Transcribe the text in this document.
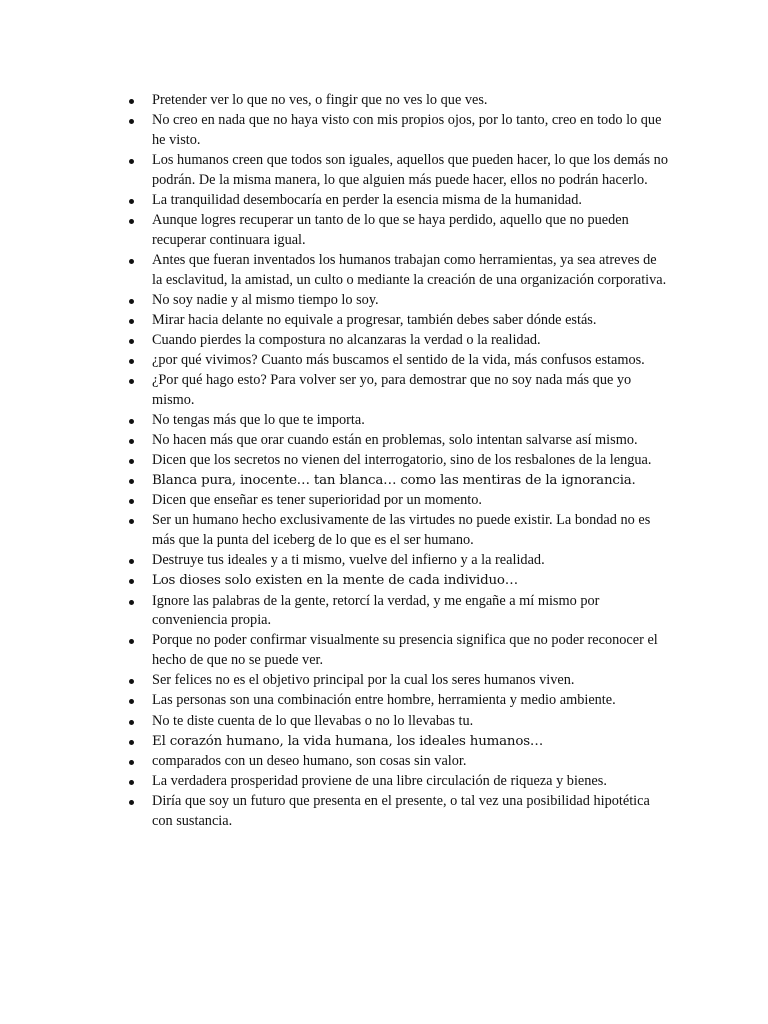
Pretender ver lo que no ves, o fingir que no ves lo que ves.
No creo en nada que no haya visto con mis propios ojos, por lo tanto, creo en todo lo que he visto.
Los humanos creen que todos son iguales, aquellos que pueden hacer, lo que los demás no podrán. De la misma manera, lo que alguien más puede hacer, ellos no podrán hacerlo.
La tranquilidad desembocaría en perder la esencia misma de la humanidad.
Aunque logres recuperar un tanto de lo que se haya perdido, aquello que no pueden recuperar continuara igual.
Antes que fueran inventados los humanos trabajan como herramientas, ya sea atreves de la esclavitud, la amistad, un culto o mediante la creación de una organización corporativa.
No soy nadie y al mismo tiempo lo soy.
Mirar hacia delante no equivale a progresar, también debes saber dónde estás.
Cuando pierdes la compostura no alcanzaras la verdad o la realidad.
¿por qué vivimos? Cuanto más buscamos el sentido de la vida, más confusos estamos.
¿Por qué hago esto? Para volver ser yo, para demostrar que no soy nada más que yo mismo.
No tengas más que lo que te importa.
No hacen más que orar cuando están en problemas, solo intentan salvarse así mismo.
Dicen que los secretos no vienen del interrogatorio, sino de los resbalones de la lengua.
Blanca pura, inocente… tan blanca… como las mentiras de la ignorancia.
Dicen que enseñar es tener superioridad por un momento.
Ser un humano hecho exclusivamente de las virtudes no puede existir. La bondad no es más que la punta del iceberg de lo que es el ser humano.
Destruye tus ideales y a ti mismo, vuelve del infierno y a la realidad.
Los dioses solo existen en la mente de cada individuo…
Ignore las palabras de la gente, retorcí la verdad, y me engañe a mí mismo por conveniencia propia.
Porque no poder confirmar visualmente su presencia significa que no poder reconocer el hecho de que no se puede ver.
Ser felices no es el objetivo principal por la cual los seres humanos viven.
Las personas son una combinación entre hombre, herramienta y medio ambiente.
No te diste cuenta de lo que llevabas o no lo llevabas tu.
El corazón humano, la vida humana, los ideales humanos…
comparados con un deseo humano, son cosas sin valor.
La verdadera prosperidad proviene de una libre circulación de riqueza y bienes.
Diría que soy un futuro que presenta en el presente, o tal vez una posibilidad hipotética con sustancia.
